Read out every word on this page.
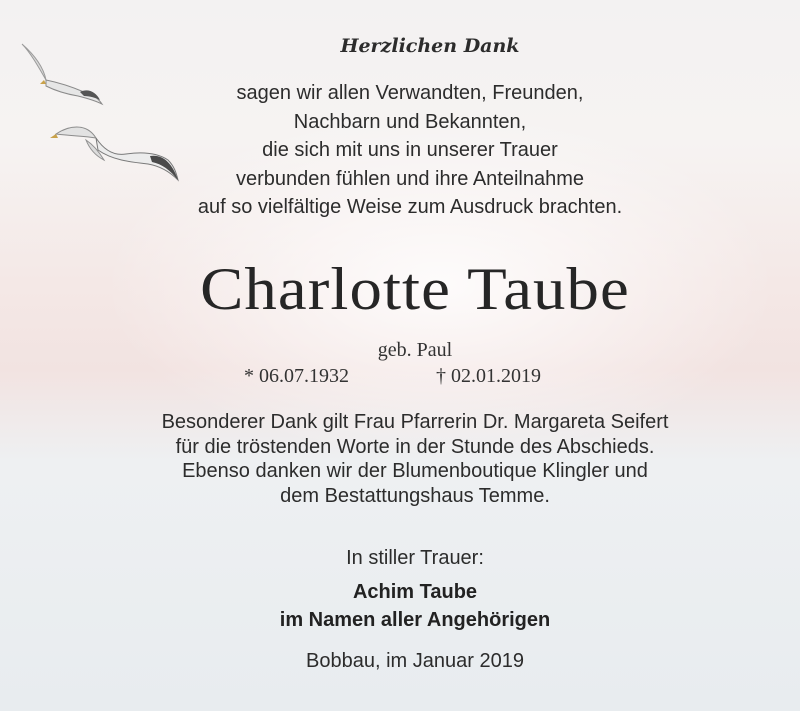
Herzlichen Dank
sagen wir allen Verwandten, Freunden,
Nachbarn und Bekannten,
die sich mit uns in unserer Trauer
verbunden fühlen und ihre Anteilnahme
auf so vielfältige Weise zum Ausdruck brachten.
Charlotte Taube
geb. Paul
* 06.07.1932	† 02.01.2019
Besonderer Dank gilt Frau Pfarrerin Dr. Margareta Seifert
für die tröstenden Worte in der Stunde des Abschieds.
Ebenso danken wir der Blumenboutique Klingler und
dem Bestattungshaus Temme.
In stiller Trauer:
Achim Taube
im Namen aller Angehörigen
Bobbau, im Januar 2019
